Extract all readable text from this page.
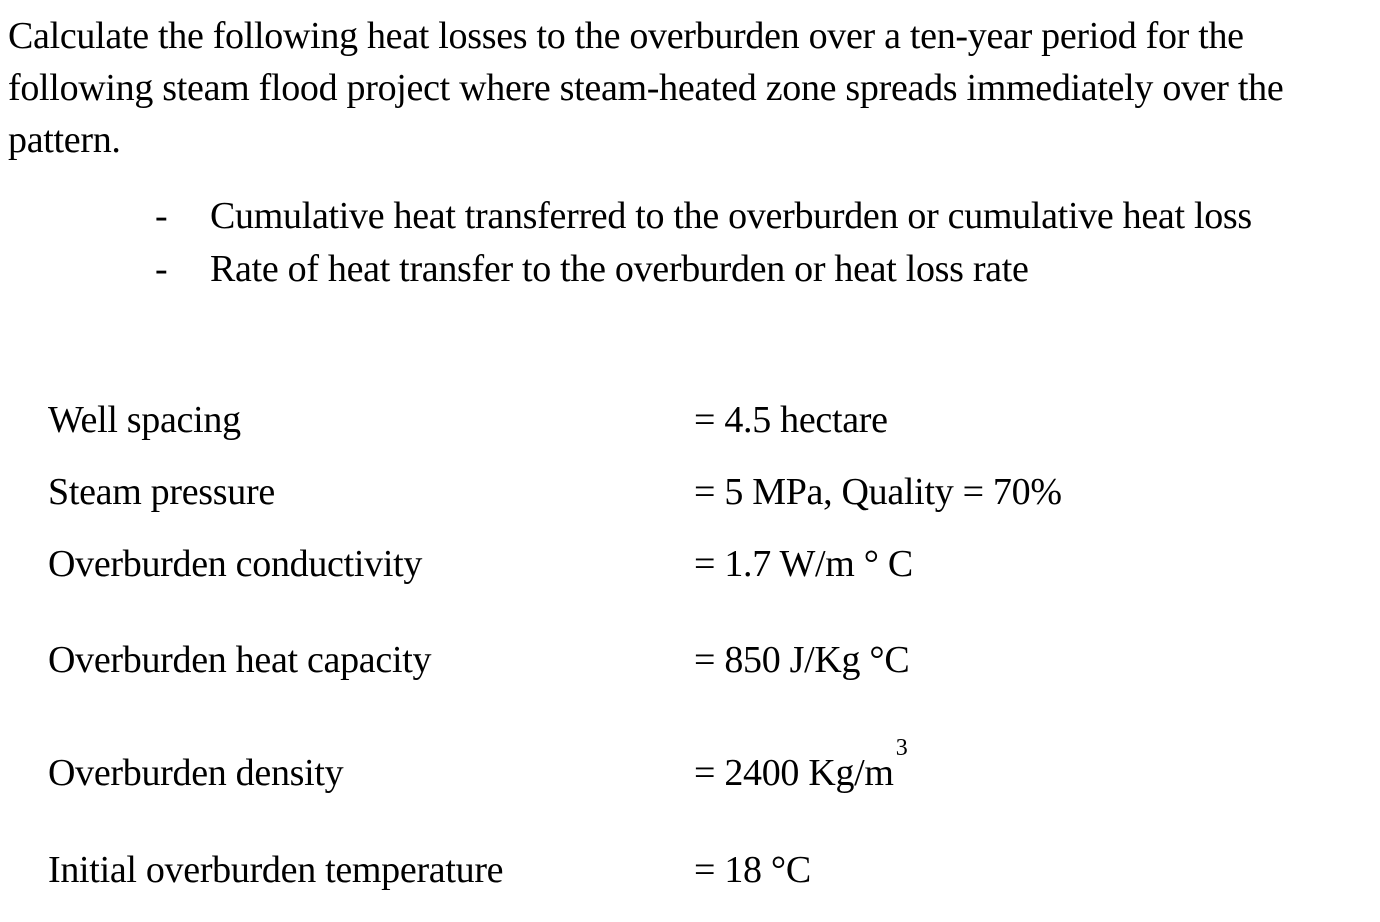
Calculate the following heat losses to the overburden over a ten-year period for the following steam flood project where steam-heated zone spreads immediately over the pattern.
- Cumulative heat transferred to the overburden or cumulative heat loss
- Rate of heat transfer to the overburden or heat loss rate
Well spacing	= 4.5 hectare
Steam pressure	= 5 MPa, Quality = 70%
Overburden conductivity	= 1.7 W/m ° C
Overburden heat capacity	= 850 J/Kg °C
Overburden density	= 2400 $Kg/m^3$
Initial overburden temperature	= 18 °C
